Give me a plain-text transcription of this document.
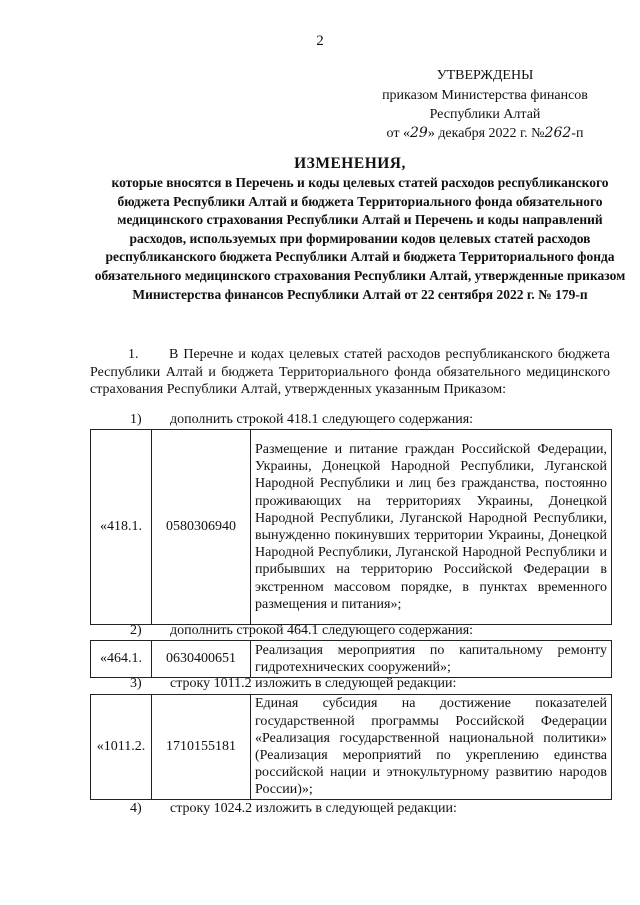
2
УТВЕРЖДЕНЫ
приказом Министерства финансов
Республики Алтай
от «29» декабря 2022 г. №262-п
ИЗМЕНЕНИЯ,
которые вносятся в Перечень и коды целевых статей расходов республиканского бюджета Республики Алтай и бюджета Территориального фонда обязательного медицинского страхования Республики Алтай и Перечень и коды направлений расходов, используемых при формировании кодов целевых статей расходов республиканского бюджета Республики Алтай и бюджета Территориального фонда обязательного медицинского страхования Республики Алтай, утвержденные приказом Министерства финансов Республики Алтай от 22 сентября 2022 г. № 179-п
1.      В Перечне и кодах целевых статей расходов республиканского бюджета Республики Алтай и бюджета Территориального фонда обязательного медицинского страхования Республики Алтай, утвержденных указанным Приказом:
1) дополнить строкой 418.1 следующего содержания:
«418.1.	0580306940	Размещение и питание граждан Российской Федерации, Украины, Донецкой Народной Республики, Луганской Народной Республики и лиц без гражданства, постоянно проживающих на территориях Украины, Донецкой Народной Республики, Луганской Народной Республики, вынужденно покинувших территории Украины, Донецкой Народной Республики, Луганской Народной Республики и прибывших на территорию Российской Федерации в экстренном массовом порядке, в пунктах временного размещения и питания»;
2) дополнить строкой 464.1 следующего содержания:
«464.1.	0630400651	Реализация мероприятия по капитальному ремонту гидротехнических сооружений»;
3) строку 1011.2 изложить в следующей редакции:
«1011.2.	1710155181	Единая субсидия на достижение показателей государственной программы Российской Федерации «Реализация государственной национальной политики» (Реализация мероприятий по укреплению единства российской нации и этнокультурному развитию народов России)»;
4) строку 1024.2 изложить в следующей редакции:
